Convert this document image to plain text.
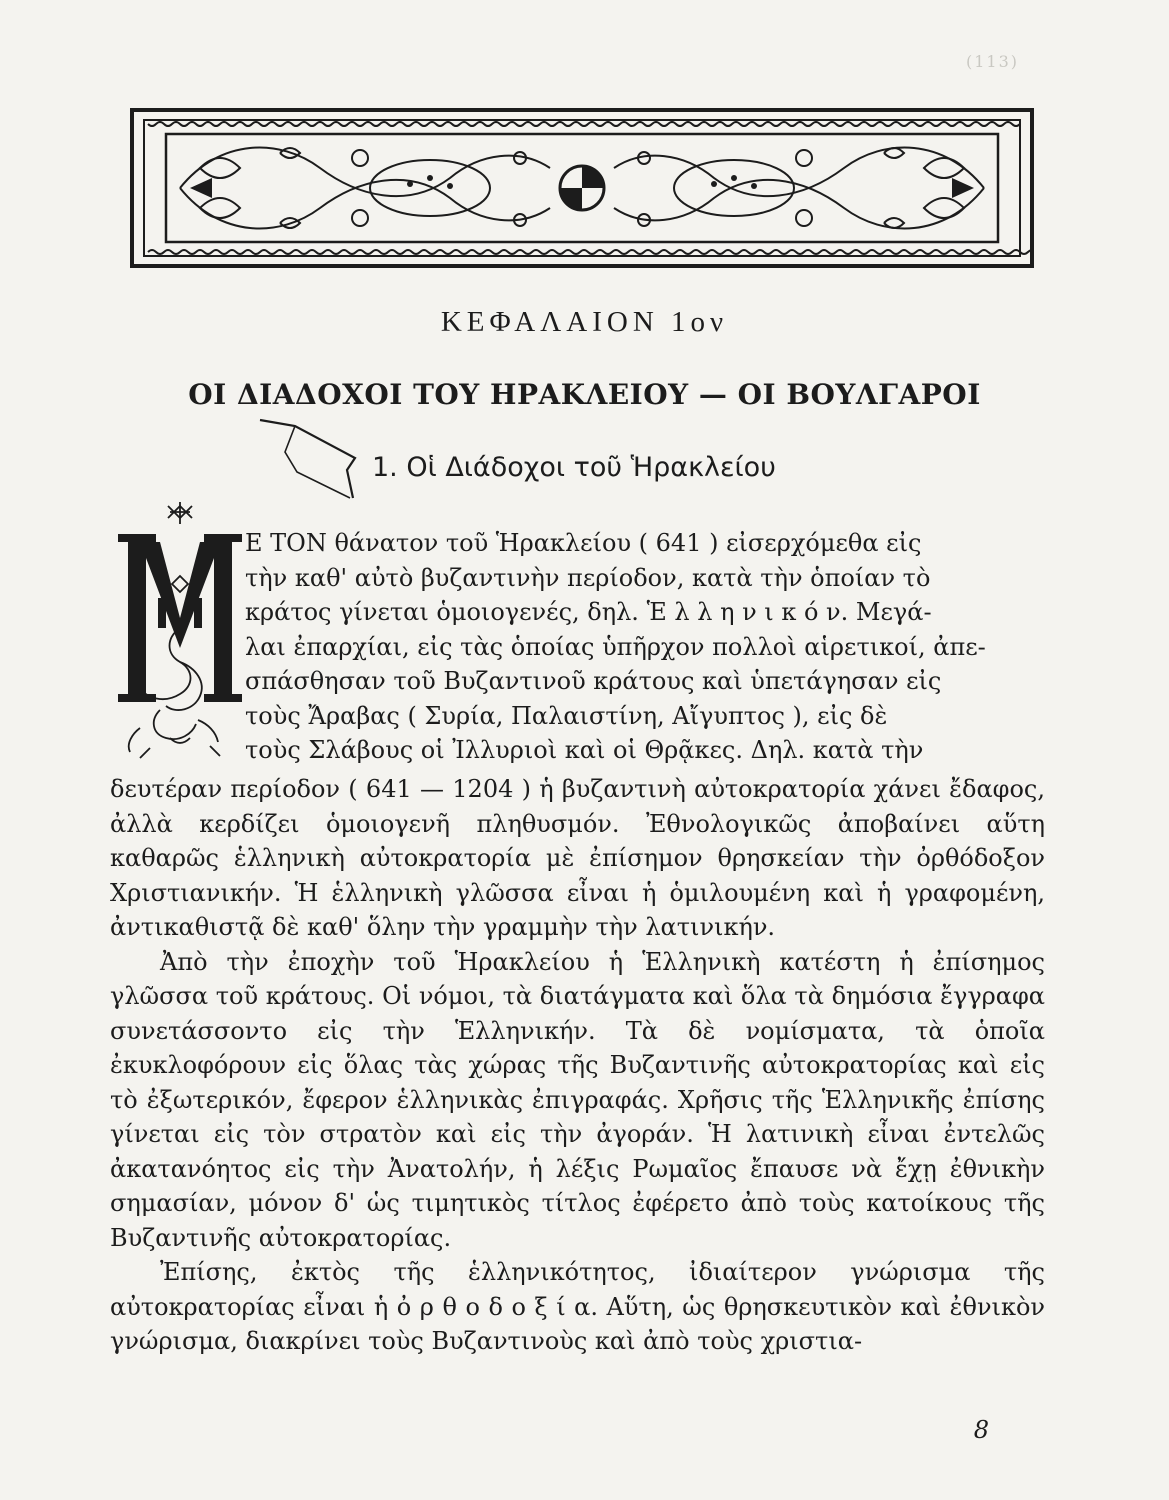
(113)
ΚΕΦΑΛΑΙΟΝ 1ον
ΟΙ ΔΙΑΔΟΧΟΙ ΤΟΥ ΗΡΑΚΛΕΙΟΥ — ΟΙ ΒΟΥΛΓΑΡΟΙ
1. Οἱ Διάδοχοι τοῦ Ἡρακλείου
Μ
Ε ΤΟΝ θάνατον τοῦ Ἡρακλείου ( 641 ) εἰσερχόμεθα εἰς
τὴν καθ' αὐτὸ βυζαντινὴν περίοδον, κατὰ τὴν ὁποίαν τὸ
κράτος γίνεται ὁμοιογενές, δηλ. Ἑ λ λ η ν ι κ ό ν. Μεγά-
λαι ἐπαρχίαι, εἰς τὰς ὁποίας ὑπῆρχον πολλοὶ αἱρετικοί, ἀπε-
σπάσθησαν τοῦ Βυζαντινοῦ κράτους καὶ ὑπετάγησαν εἰς
τοὺς Ἄραβας ( Συρία, Παλαιστίνη, Αἴγυπτος ), εἰς δὲ
τοὺς Σλάβους οἱ Ἰλλυριοὶ καὶ οἱ Θρᾷκες. Δηλ. κατὰ τὴν

δευτέραν περίοδον ( 641 — 1204 ) ἡ βυζαντινὴ αὐτοκρατορία χάνει ἔδαφος, ἀλλὰ κερδίζει ὁμοιογενῆ πληθυσμόν. Ἐθνολογικῶς ἀποβαίνει αὕτη καθαρῶς ἑλληνικὴ αὐτοκρατορία μὲ ἐπίσημον θρησκείαν τὴν ὀρθόδοξον Χριστιανικήν. Ἡ ἑλληνικὴ γλῶσσα εἶναι ἡ ὁμιλουμένη καὶ ἡ γραφομένη, ἀντικαθιστᾷ δὲ καθ' ὅλην τὴν γραμμὴν τὴν λατινικήν.

Ἀπὸ τὴν ἐποχὴν τοῦ Ἡρακλείου ἡ Ἑλληνικὴ κατέστη ἡ ἐπίσημος γλῶσσα τοῦ κράτους. Οἱ νόμοι, τὰ διατάγματα καὶ ὅλα τὰ δημόσια ἔγγραφα συνετάσσοντο εἰς τὴν Ἑλληνικήν. Τὰ δὲ νομίσματα, τὰ ὁποῖα ἐκυκλοφόρουν εἰς ὅλας τὰς χώρας τῆς Βυζαντινῆς αὐτοκρατορίας καὶ εἰς τὸ ἐξωτερικόν, ἔφερον ἑλληνικὰς ἐπιγραφάς. Χρῆσις τῆς Ἑλληνικῆς ἐπίσης γίνεται εἰς τὸν στρατὸν καὶ εἰς τὴν ἀγοράν. Ἡ λατινικὴ εἶναι ἐντελῶς ἀκατανόητος εἰς τὴν Ἀνατολήν, ἡ λέξις Ρωμαῖος ἔπαυσε νὰ ἔχῃ ἐθνικὴν σημασίαν, μόνον δ' ὡς τιμητικὸς τίτλος ἐφέρετο ἀπὸ τοὺς κατοίκους τῆς Βυζαντινῆς αὐτοκρατορίας.

Ἐπίσης, ἐκτὸς τῆς ἑλληνικότητος, ἰδιαίτερον γνώρισμα τῆς αὐτοκρατορίας εἶναι ἡ ὀ ρ θ ο δ ο ξ ί α. Αὕτη, ὡς θρησκευτικὸν καὶ ἐθνικὸν γνώρισμα, διακρίνει τοὺς Βυζαντινοὺς καὶ ἀπὸ τοὺς χριστια-

8
